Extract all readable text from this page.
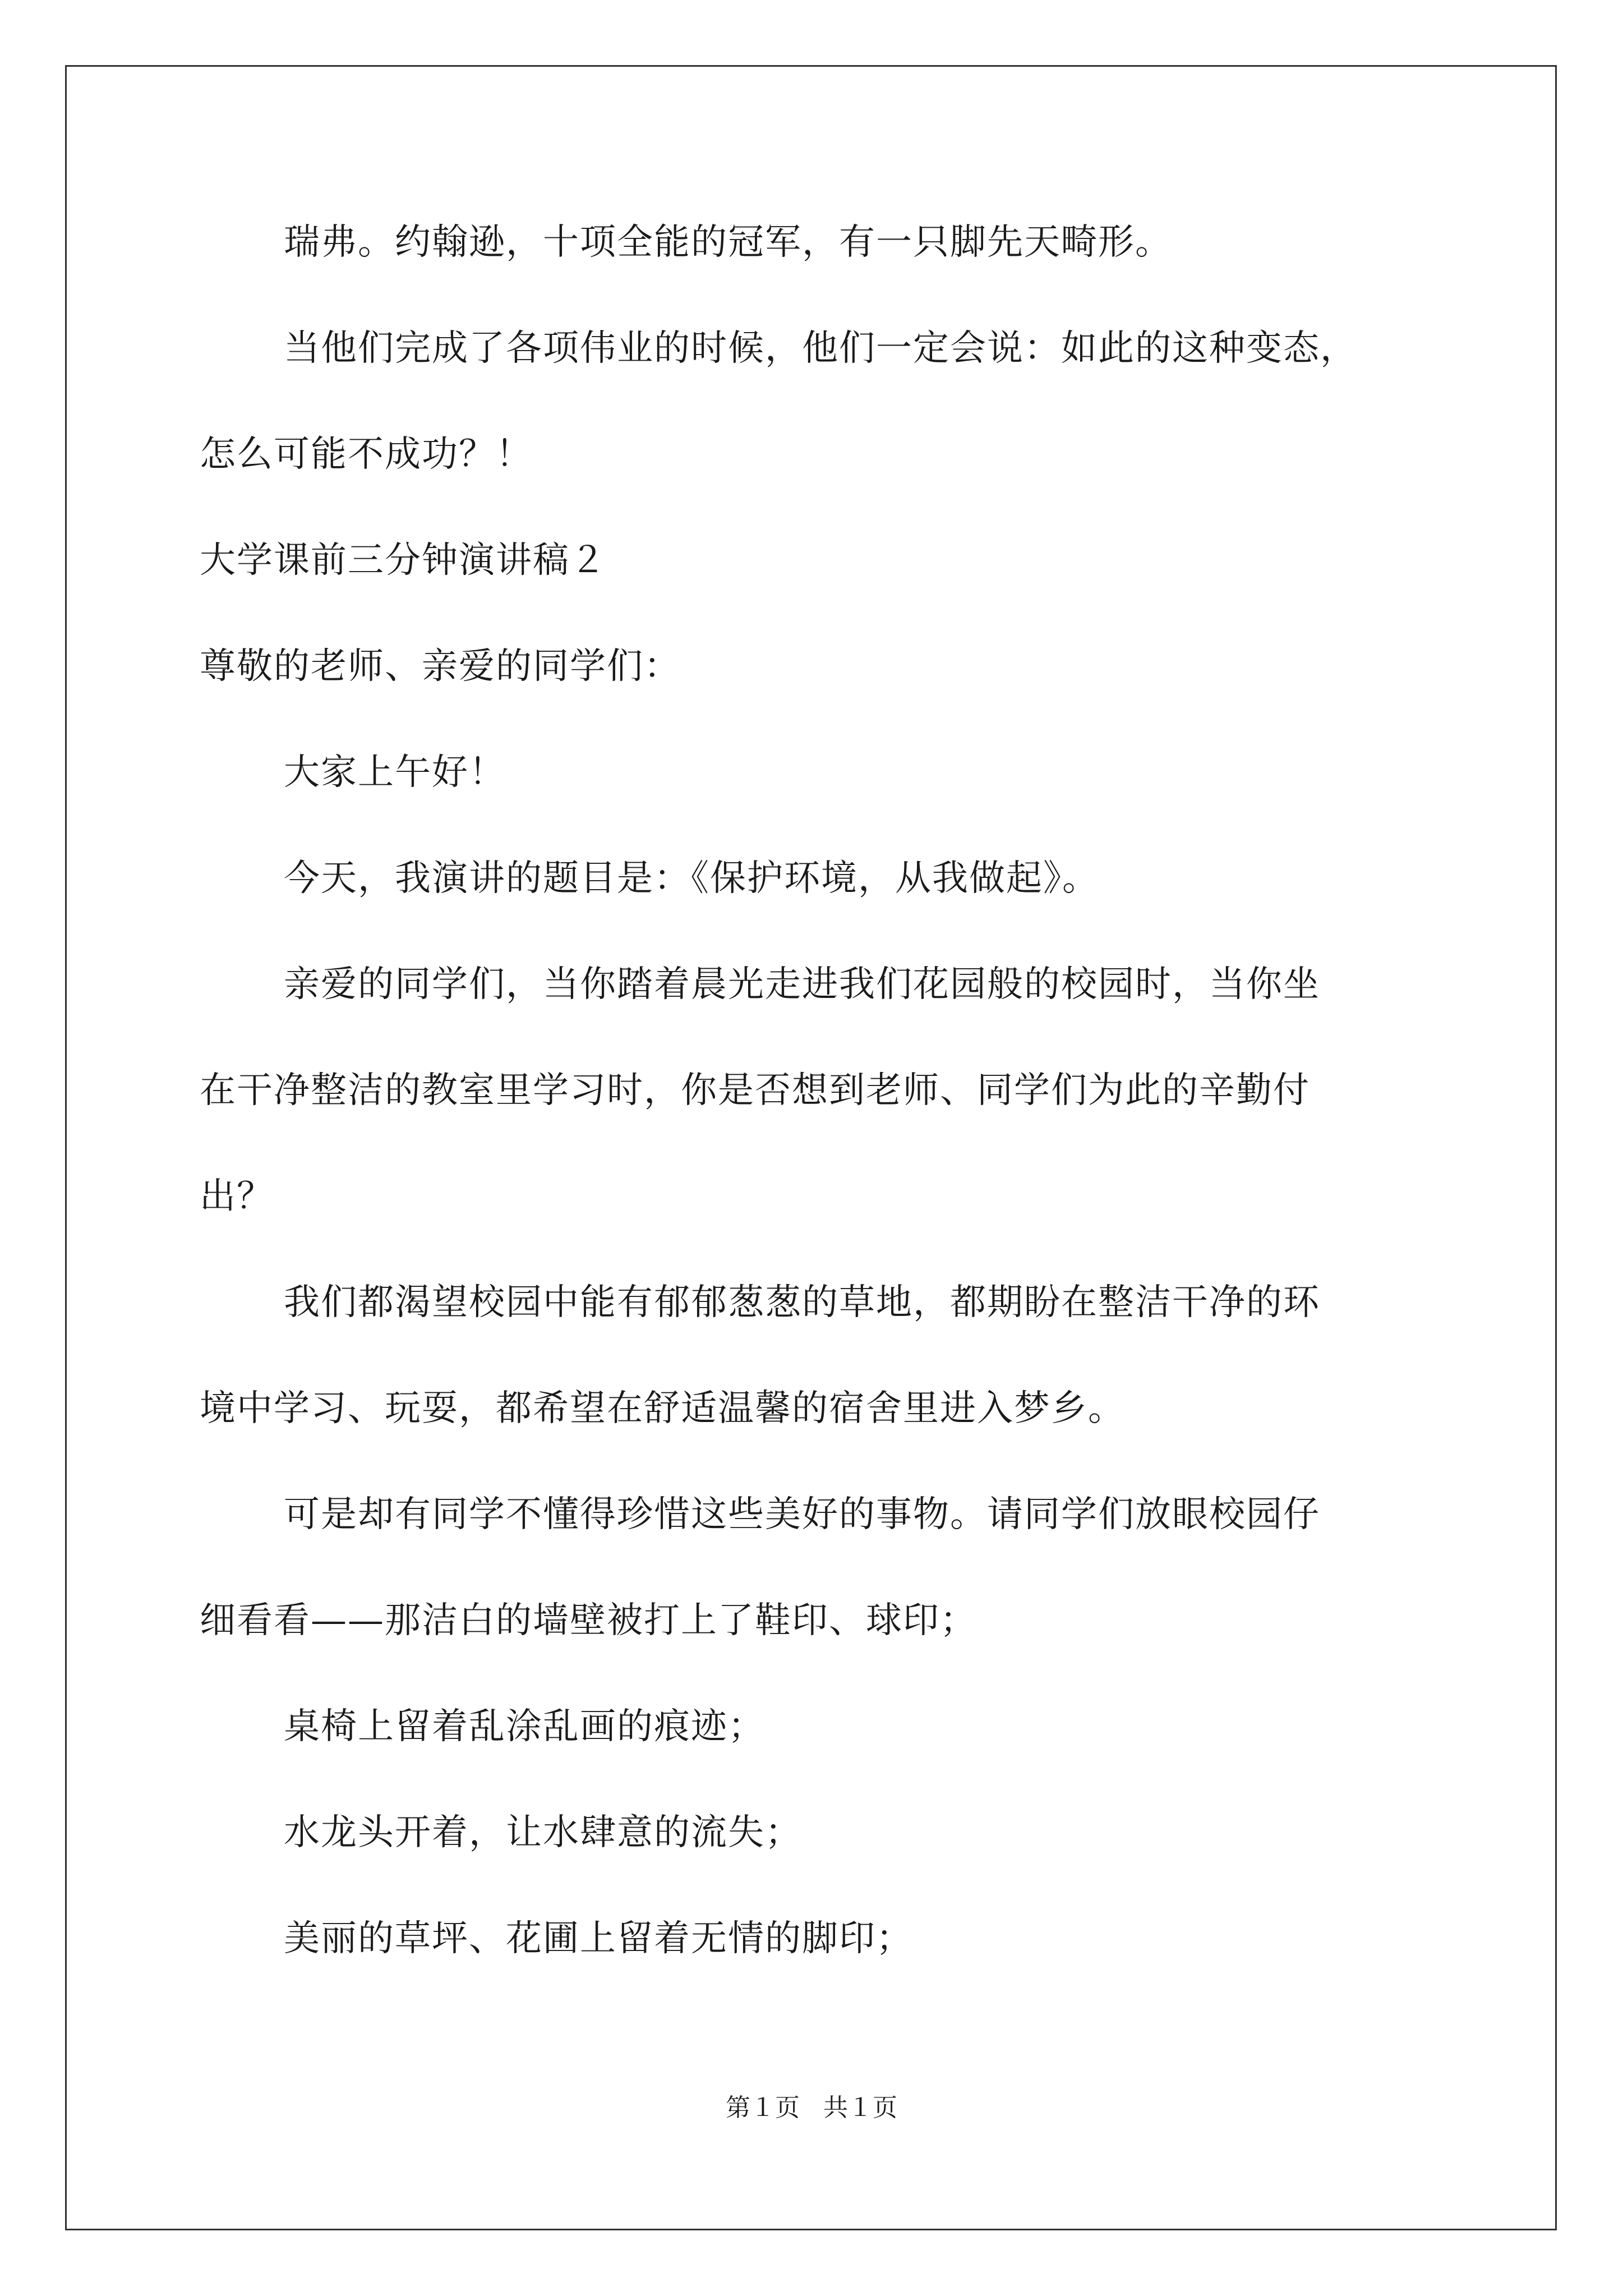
瑞弗。约翰逊，十项全能的冠军，有一只脚先天畸形。
当他们完成了各项伟业的时候，他们一定会说：如此的这种变态，
怎么可能不成功？！
大学课前三分钟演讲稿２
尊敬的老师、亲爱的同学们：
大家上午好！
今天，我演讲的题目是：《保护环境，从我做起》。
亲爱的同学们，当你踏着晨光走进我们花园般的校园时，当你坐
在干净整洁的教室里学习时，你是否想到老师、同学们为此的辛勤付
出？
我们都渴望校园中能有郁郁葱葱的草地，都期盼在整洁干净的环
境中学习、玩耍，都希望在舒适温馨的宿舍里进入梦乡。
可是却有同学不懂得珍惜这些美好的事物。请同学们放眼校园仔
细看看——那洁白的墙壁被打上了鞋印、球印；
桌椅上留着乱涂乱画的痕迹；
水龙头开着，让水肆意的流失；
美丽的草坪、花圃上留着无情的脚印；
第１页 共１页
